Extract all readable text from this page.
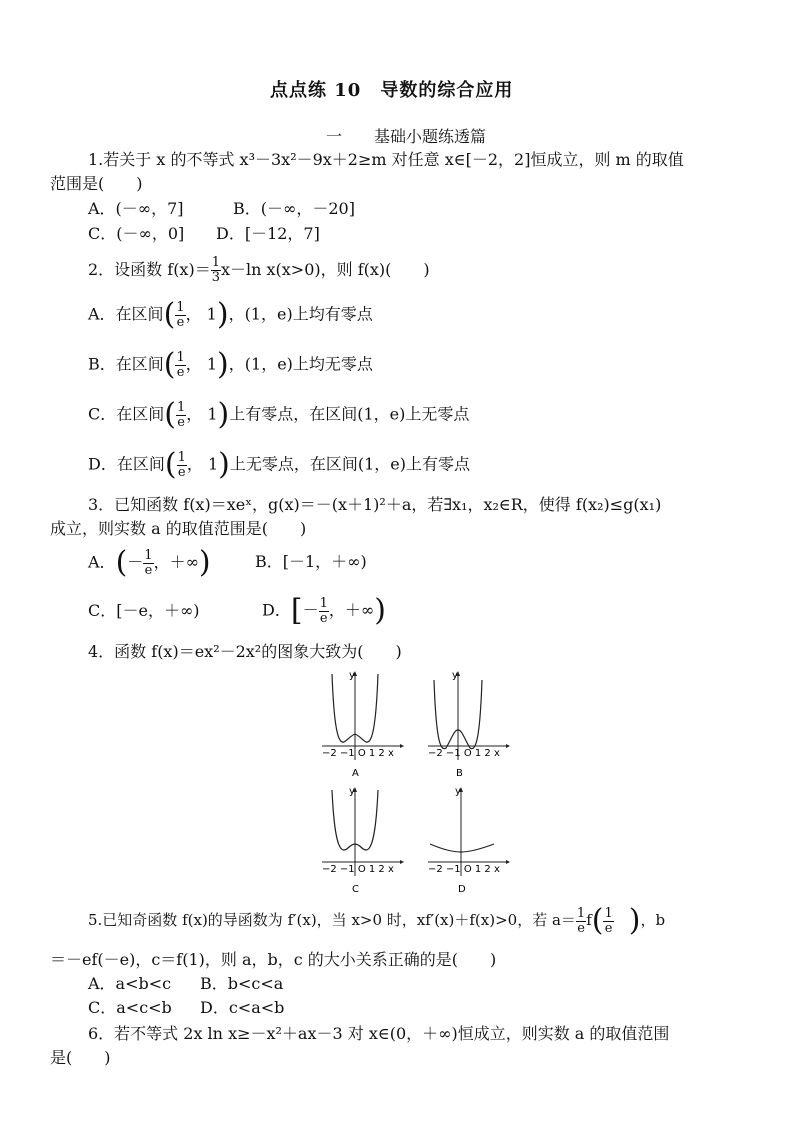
点点练 10　导数的综合应用
一　　基础小题练透篇
1.若关于 x 的不等式 x³－3x²－9x＋2≥m 对任意 x∈[－2，2]恒成立，则 m 的取值
范围是(　　)
A．(－∞，7]	B．(－∞，－20]
C．(－∞，0] D．[－12，7]
2．设函数 $f(x)= \frac{1}{3} x-\ln$ x(x>0)，则 f(x)(　　)
A．在区间( $\frac{1}{e}$ ， 1)，(1，e)上均有零点
B．在区间( $\frac{1}{e}$ ， 1)，(1，e)上均无零点
C．在区间( $\frac{1}{e}$ ， 1)上有零点，在区间(1，e)上无零点
D．在区间( $\frac{1}{e}$ ， 1)上无零点，在区间(1，e)上有零点
3．已知函数 f(x)＝xeˣ，g(x)＝－(x＋1)²＋a，若∃x₁，x₂∈R，使得 f(x₂)≤g(x₁)
成立，则实数 a 的取值范围是(　　)
A．(－ $\frac{1}{e}$ ，＋∞)	B．[－1，＋∞)
C．[－e，＋∞)	D．[－ $\frac{1}{e}$ ，＋∞)
4．函数 f(x)＝ex²－2x²的图象大致为(　　)
y
−2 −1 O 1 2 x
A
y
−2 −1 O 1 2 x
B
y
−2 −1 O 1 2 x
C
y
−2 −1 O 1 2 x
D
5.已知奇函数 f(x)的导函数为 f′(x)，当 x>0 时，xf′(x)＋f(x)>0，若 $a= \frac{1}{e} f( \frac{1}{e}$
  )，b
＝－ef(－e)，c＝f(1)，则 a，b，c 的大小关系正确的是(　　)
A．a<b<c B．b<c<a
C．a<c<b D．c<a<b
6．若不等式 2x ln x≥－x²＋ax－3 对 x∈(0，＋∞)恒成立，则实数 a 的取值范围
是(　　)
